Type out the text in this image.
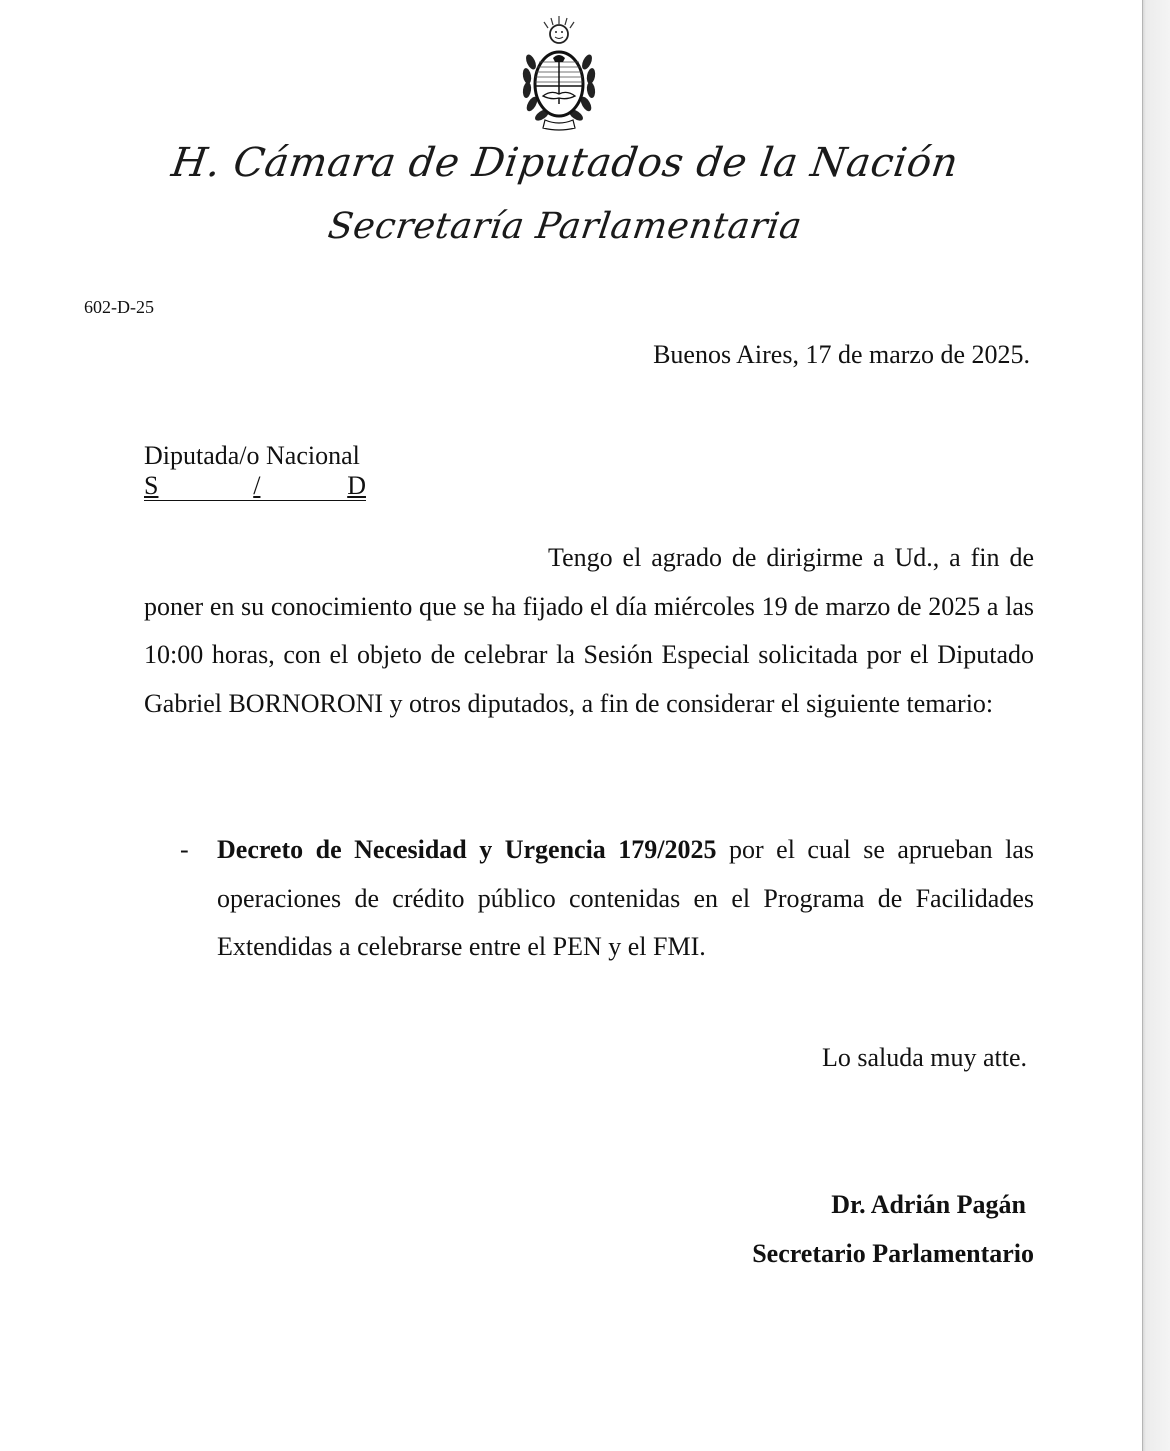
H. Cámara de Diputados de la Nación
Secretaría Parlamentaria
602-D-25
Buenos Aires, 17 de marzo de 2025.
Diputada/o Nacional
S	/	D

Tengo el agrado de dirigirme a Ud., a fin de poner en su conocimiento que se ha fijado el día miércoles 19 de marzo de 2025 a las 10:00 horas, con el objeto de celebrar la Sesión Especial solicitada por el Diputado Gabriel BORNORONI y otros diputados, a fin de considerar el siguiente temario:

- Decreto de Necesidad y Urgencia 179/2025 por el cual se aprueban las operaciones de crédito público contenidas en el Programa de Facilidades Extendidas a celebrarse entre el PEN y el FMI.
Lo saluda muy atte.
Dr. Adrián Pagán
Secretario Parlamentario
